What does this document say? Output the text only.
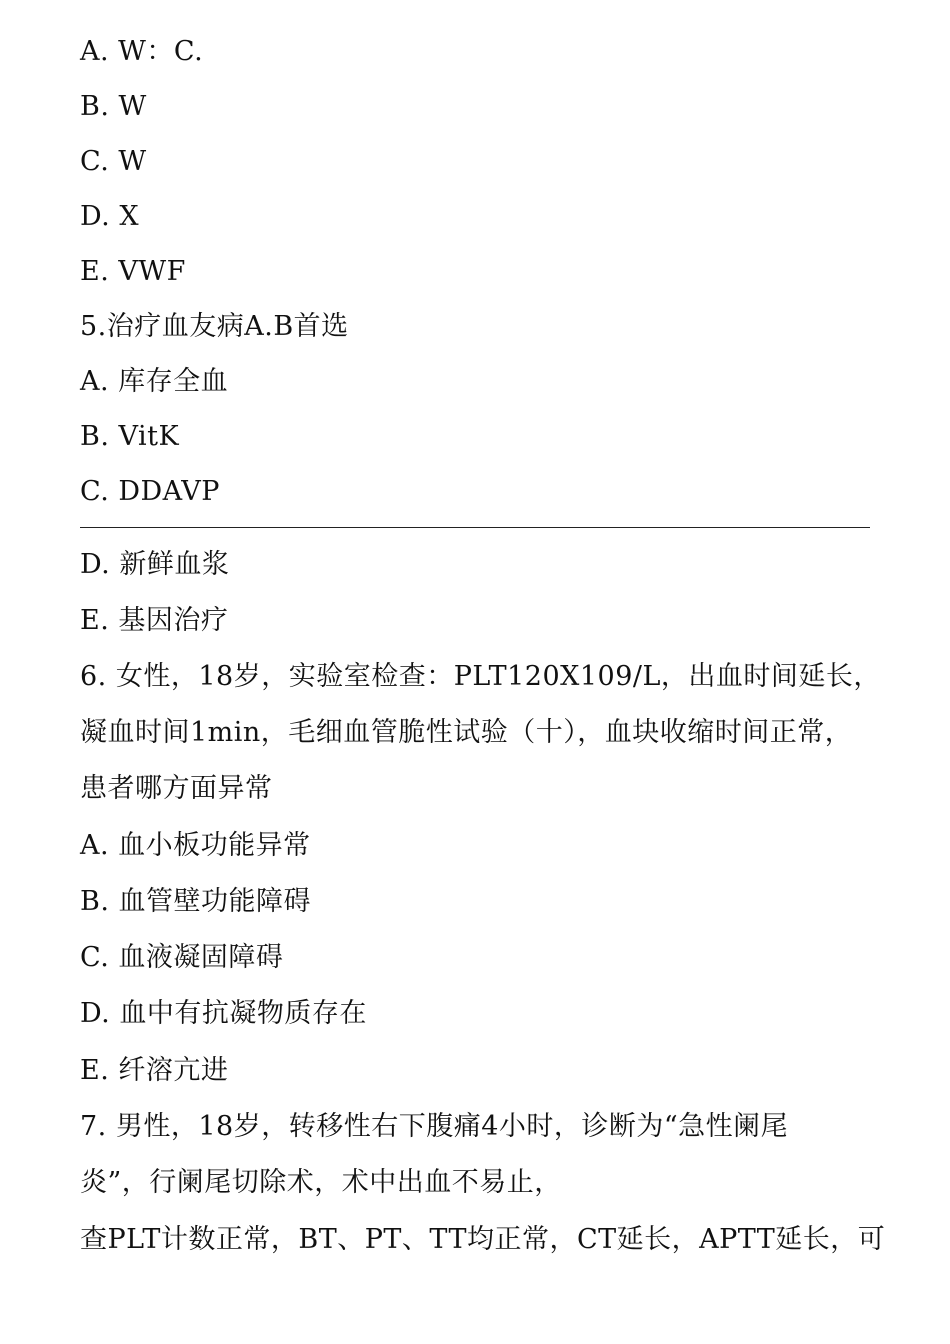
A. W：C.
B. W
C. W
D. X
E. VWF
5.治疗血友病A.B首选
A. 库存全血
B. VitK
C. DDAVP
D. 新鲜血浆
E. 基因治疗
6. 女性，18岁，实验室检查：PLT120X109/L，出血时间延长，
凝血时间1min，毛细血管脆性试验（十），血块收缩时间正常，
患者哪方面异常
A. 血小板功能异常
B. 血管壁功能障碍
C. 血液凝固障碍
D. 血中有抗凝物质存在
E. 纤溶亢进
7. 男性，18岁，转移性右下腹痛4小时，诊断为“急性阑尾
炎”，行阑尾切除术，术中出血不易止，
查PLT计数正常，BT、PT、TT均正常，CT延长，APTT延长，可
